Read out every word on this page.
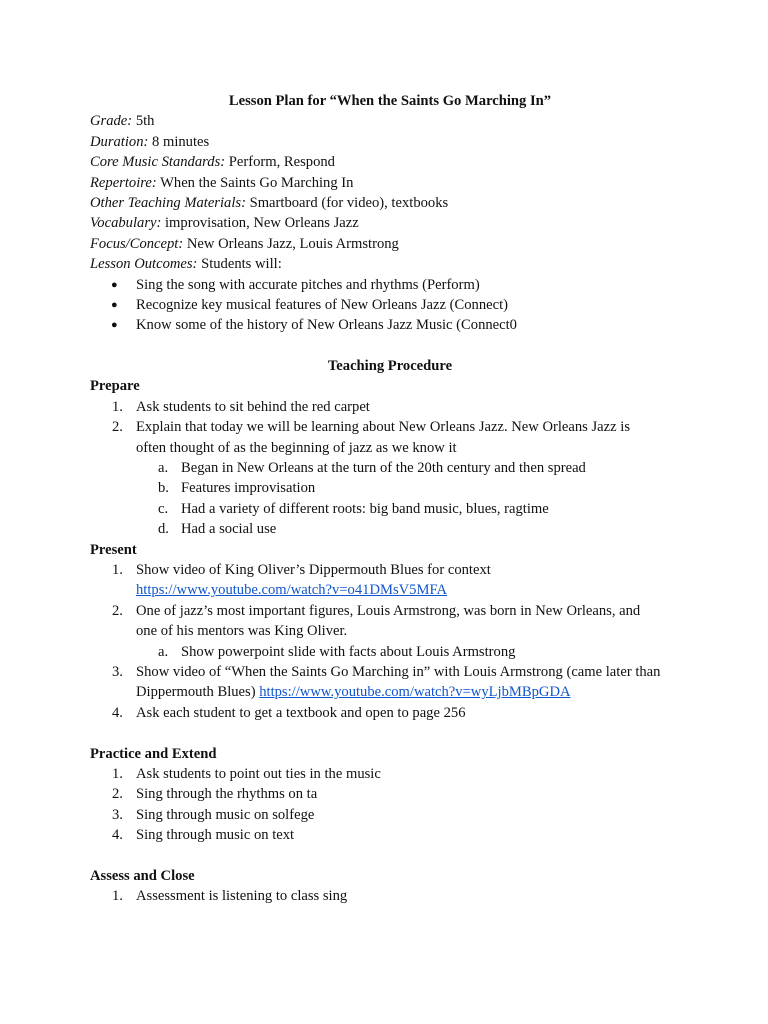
Lesson Plan for “When the Saints Go Marching In”
Grade: 5th
Duration: 8 minutes
Core Music Standards: Perform, Respond
Repertoire: When the Saints Go Marching In
Other Teaching Materials: Smartboard (for video), textbooks
Vocabulary: improvisation, New Orleans Jazz
Focus/Concept: New Orleans Jazz, Louis Armstrong
Lesson Outcomes: Students will:
●	Sing the song with accurate pitches and rhythms (Perform)
●	Recognize key musical features of New Orleans Jazz (Connect)
●	Know some of the history of New Orleans Jazz Music (Connect0
Teaching Procedure
Prepare
1. Ask students to sit behind the red carpet
2. Explain that today we will be learning about New Orleans Jazz. New Orleans Jazz is
often thought of as the beginning of jazz as we know it
a. Began in New Orleans at the turn of the 20th century and then spread
b. Features improvisation
c. Had a variety of different roots: big band music, blues, ragtime
d. Had a social use
Present
1. Show video of King Oliver’s Dippermouth Blues for context
https://www.youtube.com/watch?v=o41DMsV5MFA
2. One of jazz’s most important figures, Louis Armstrong, was born in New Orleans, and
one of his mentors was King Oliver.
a. Show powerpoint slide with facts about Louis Armstrong
3. Show video of “When the Saints Go Marching in” with Louis Armstrong (came later than
Dippermouth Blues) https://www.youtube.com/watch?v=wyLjbMBpGDA
4. Ask each student to get a textbook and open to page 256
Practice and Extend
1. Ask students to point out ties in the music
2. Sing through the rhythms on ta
3. Sing through music on solfege
4. Sing through music on text
Assess and Close
1. Assessment is listening to class sing
